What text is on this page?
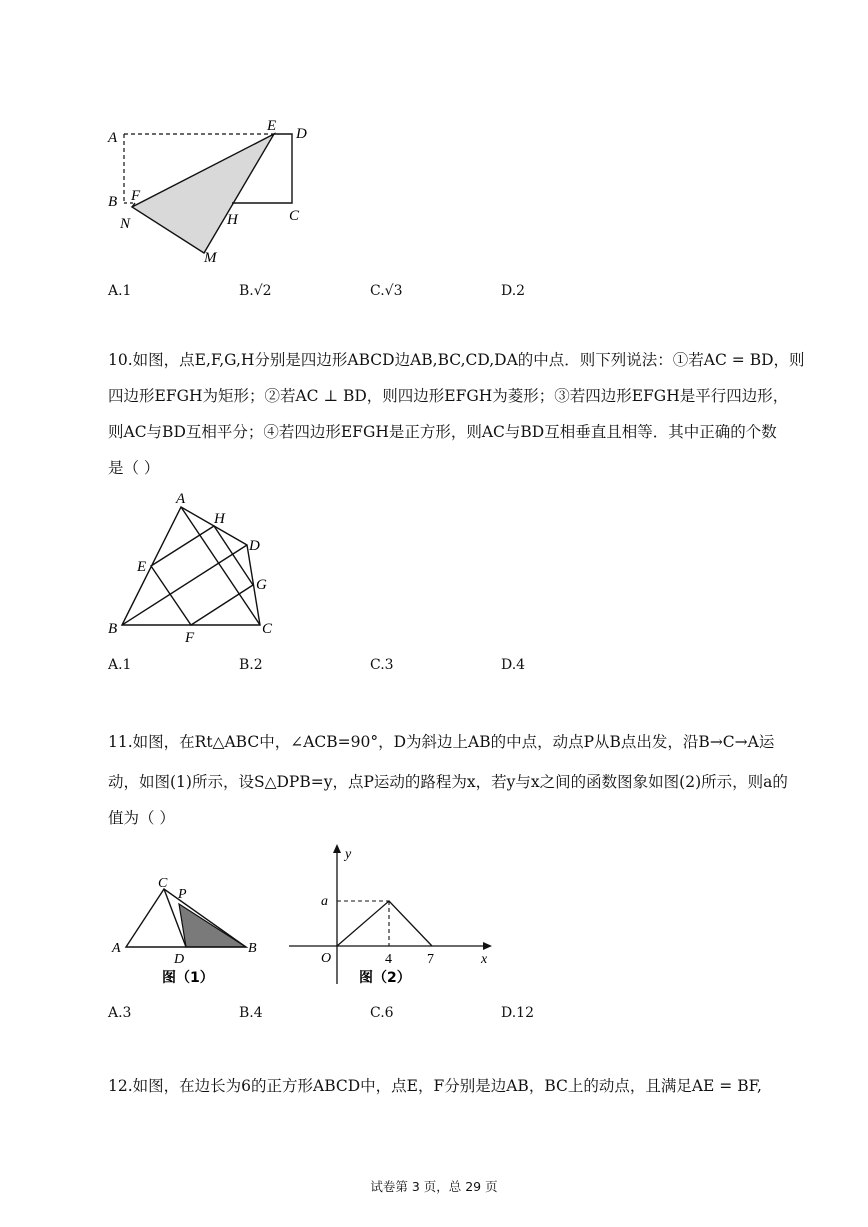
A
E D
B F
C
N	H
M
A.1	B.√2	C.√3	D.2
10.如图，点E,F,G,H分别是四边形ABCD边AB,BC,CD,DA的中点．则下列说法：①若AC = BD，则
四边形EFGH为矩形；②若AC ⊥ BD，则四边形EFGH为菱形；③若四边形EFGH是平行四边形，
则AC与BD互相平分；④若四边形EFGH是正方形，则AC与BD互相垂直且相等．其中正确的个数
是（ ）
A
H
D
E
G
B
F
C
A.1	B.2	C.3	D.4
11.如图，在Rt△ABC中，∠ACB=90°，D为斜边上AB的中点，动点P从B点出发，沿B→C→A运
动，如图(1)所示，设S△DPB=y，点P运动的路程为x，若y与x之间的函数图象如图(2)所示，则a的
值为（ ）
C
P
A
D
B
图（1）
y
a
O	4	7	x
图（2）
A.3	B.4	C.6	D.12
12.如图，在边长为6的正方形ABCD中，点E，F分别是边AB，BC上的动点，且满足AE = BF,
试卷第 3 页，总 29 页
